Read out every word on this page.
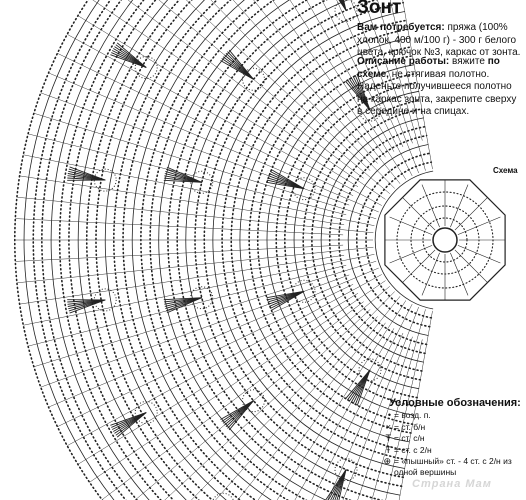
Зонт

Вам потребуется: пряжа (100% хлопок, 400 м/100 г) - 300 г белого цвета, крючок №3, каркас от зонта.

Описание работы: вяжите по схеме, не стягивая полотно. Наденьте получившееся полотно на каркас зонта, закрепите сверху в середине и на спицах.

Схема
Условные обозначения:
• = возд. п.
× = ст. б/н
Ŧ = ст. с/н
Ŧ = ст. с 2/н
⊕ = «пышный» ст. - 4 ст. с 2/н из одной вершины
Страна Мам
